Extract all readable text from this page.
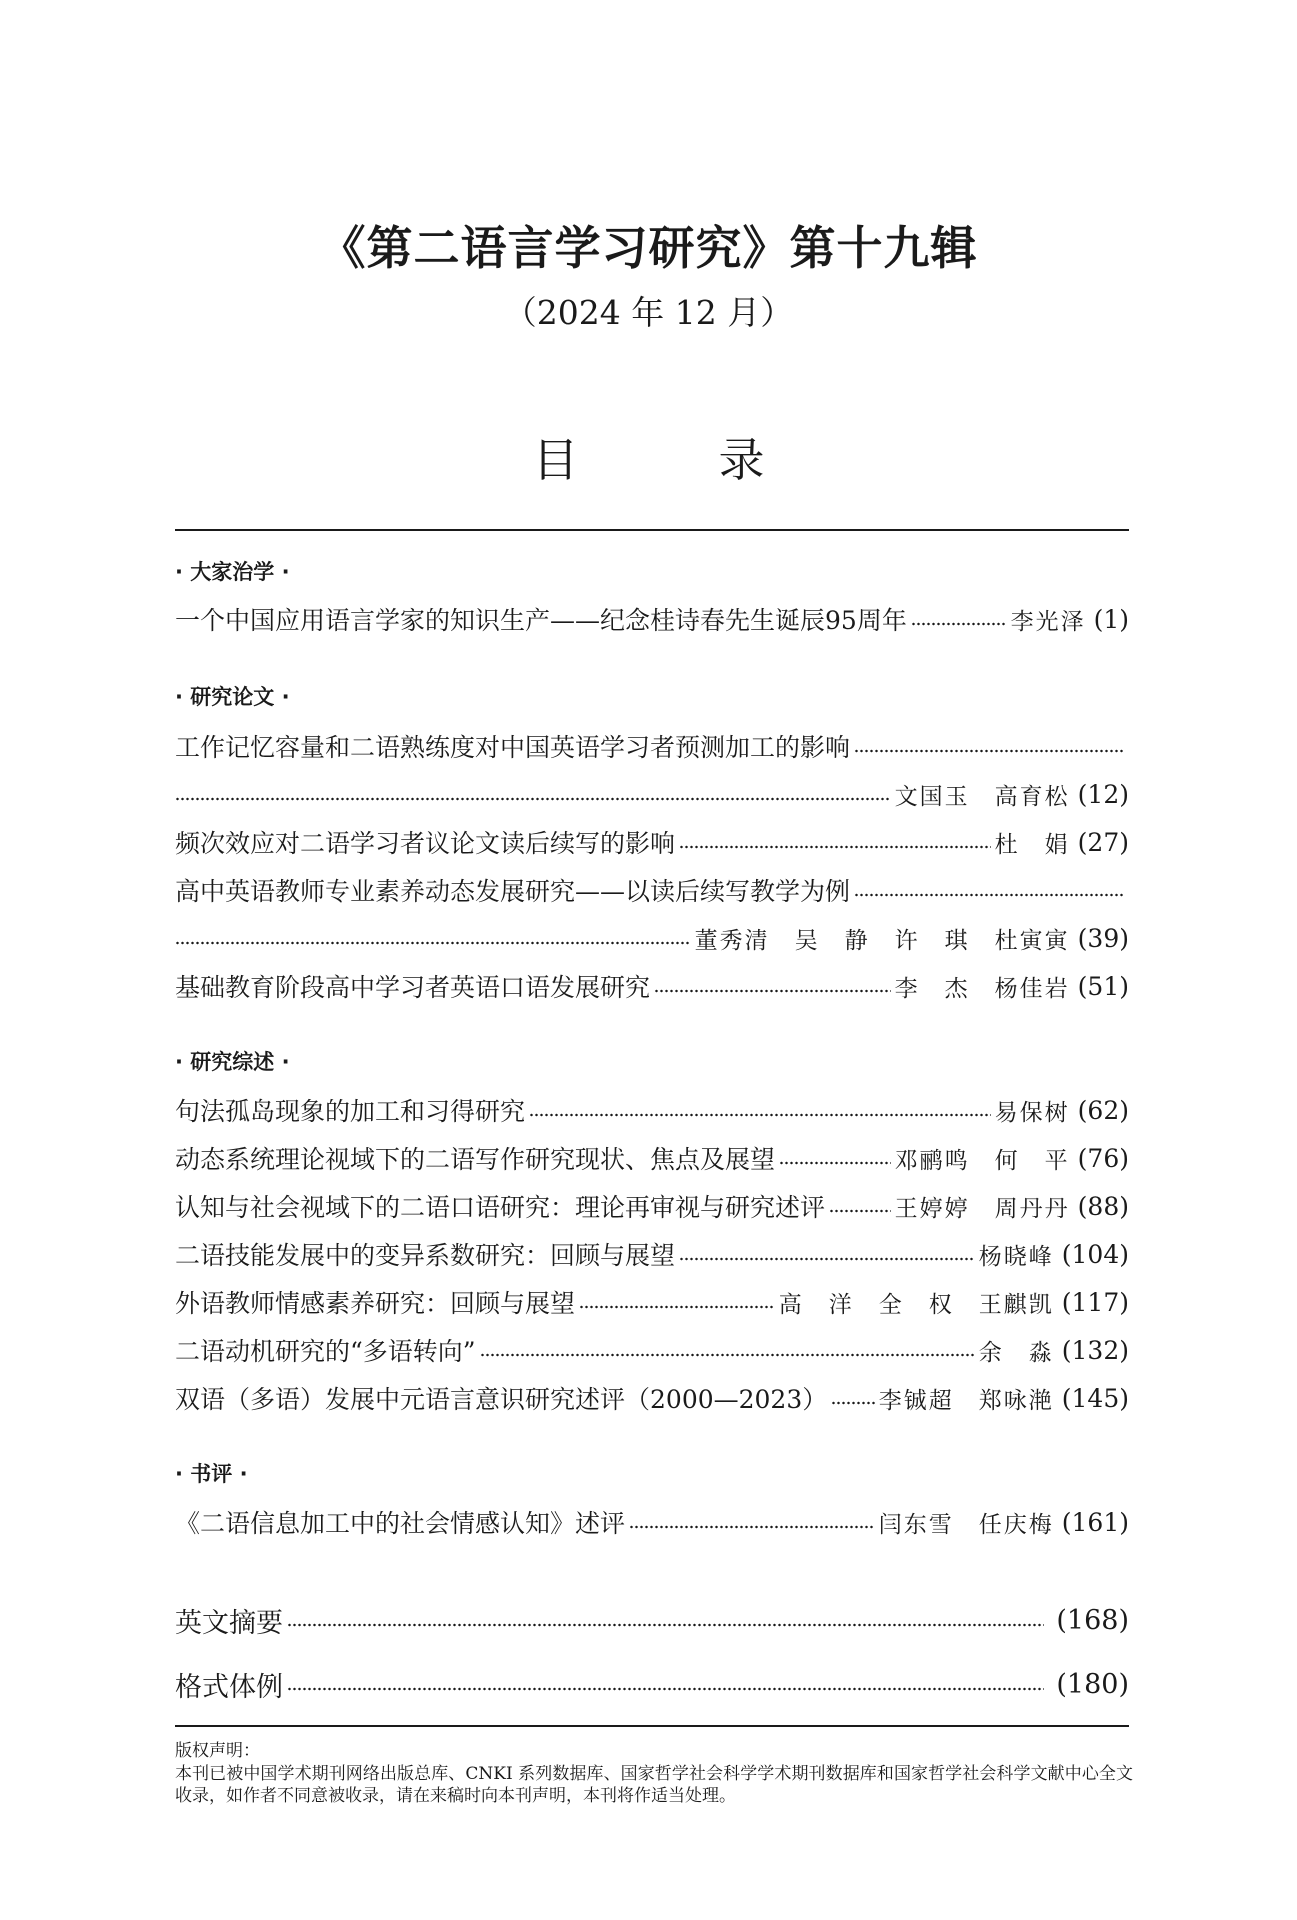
《第二语言学习研究》第十九辑
（2024 年 12 月）
目	录
· 大家治学 ·
一个中国应用语言学家的知识生产——纪念桂诗春先生诞辰95周年	李光泽 (1)
· 研究论文 ·
工作记忆容量和二语熟练度对中国英语学习者预测加工的影响
文国玉　高育松 (12)
频次效应对二语学习者议论文读后续写的影响	杜　娟 (27)
高中英语教师专业素养动态发展研究——以读后续写教学为例
董秀清　吴　静　许　琪　杜寅寅 (39)
基础教育阶段高中学习者英语口语发展研究	李　杰　杨佳岩 (51)
· 研究综述 ·
句法孤岛现象的加工和习得研究	易保树 (62)
动态系统理论视域下的二语写作研究现状、焦点及展望	邓鹂鸣　何　平 (76)
认知与社会视域下的二语口语研究：理论再审视与研究述评	王婷婷　周丹丹 (88)
二语技能发展中的变异系数研究：回顾与展望	杨晓峰 (104)
外语教师情感素养研究：回顾与展望	高　洋　全　权　王麒凯 (117)
二语动机研究的“多语转向”	余　淼 (132)
双语（多语）发展中元语言意识研究述评（2000—2023） 李铖超　郑咏滟 (145)
· 书评 ·
《二语信息加工中的社会情感认知》述评	闫东雪　任庆梅 (161)
英文摘要	(168)
格式体例	(180)
版权声明：
本刊已被中国学术期刊网络出版总库、CNKI 系列数据库、国家哲学社会科学学术期刊数据库和国家哲学社会科学文献中心全文收录，如作者不同意被收录，请在来稿时向本刊声明，本刊将作适当处理。
